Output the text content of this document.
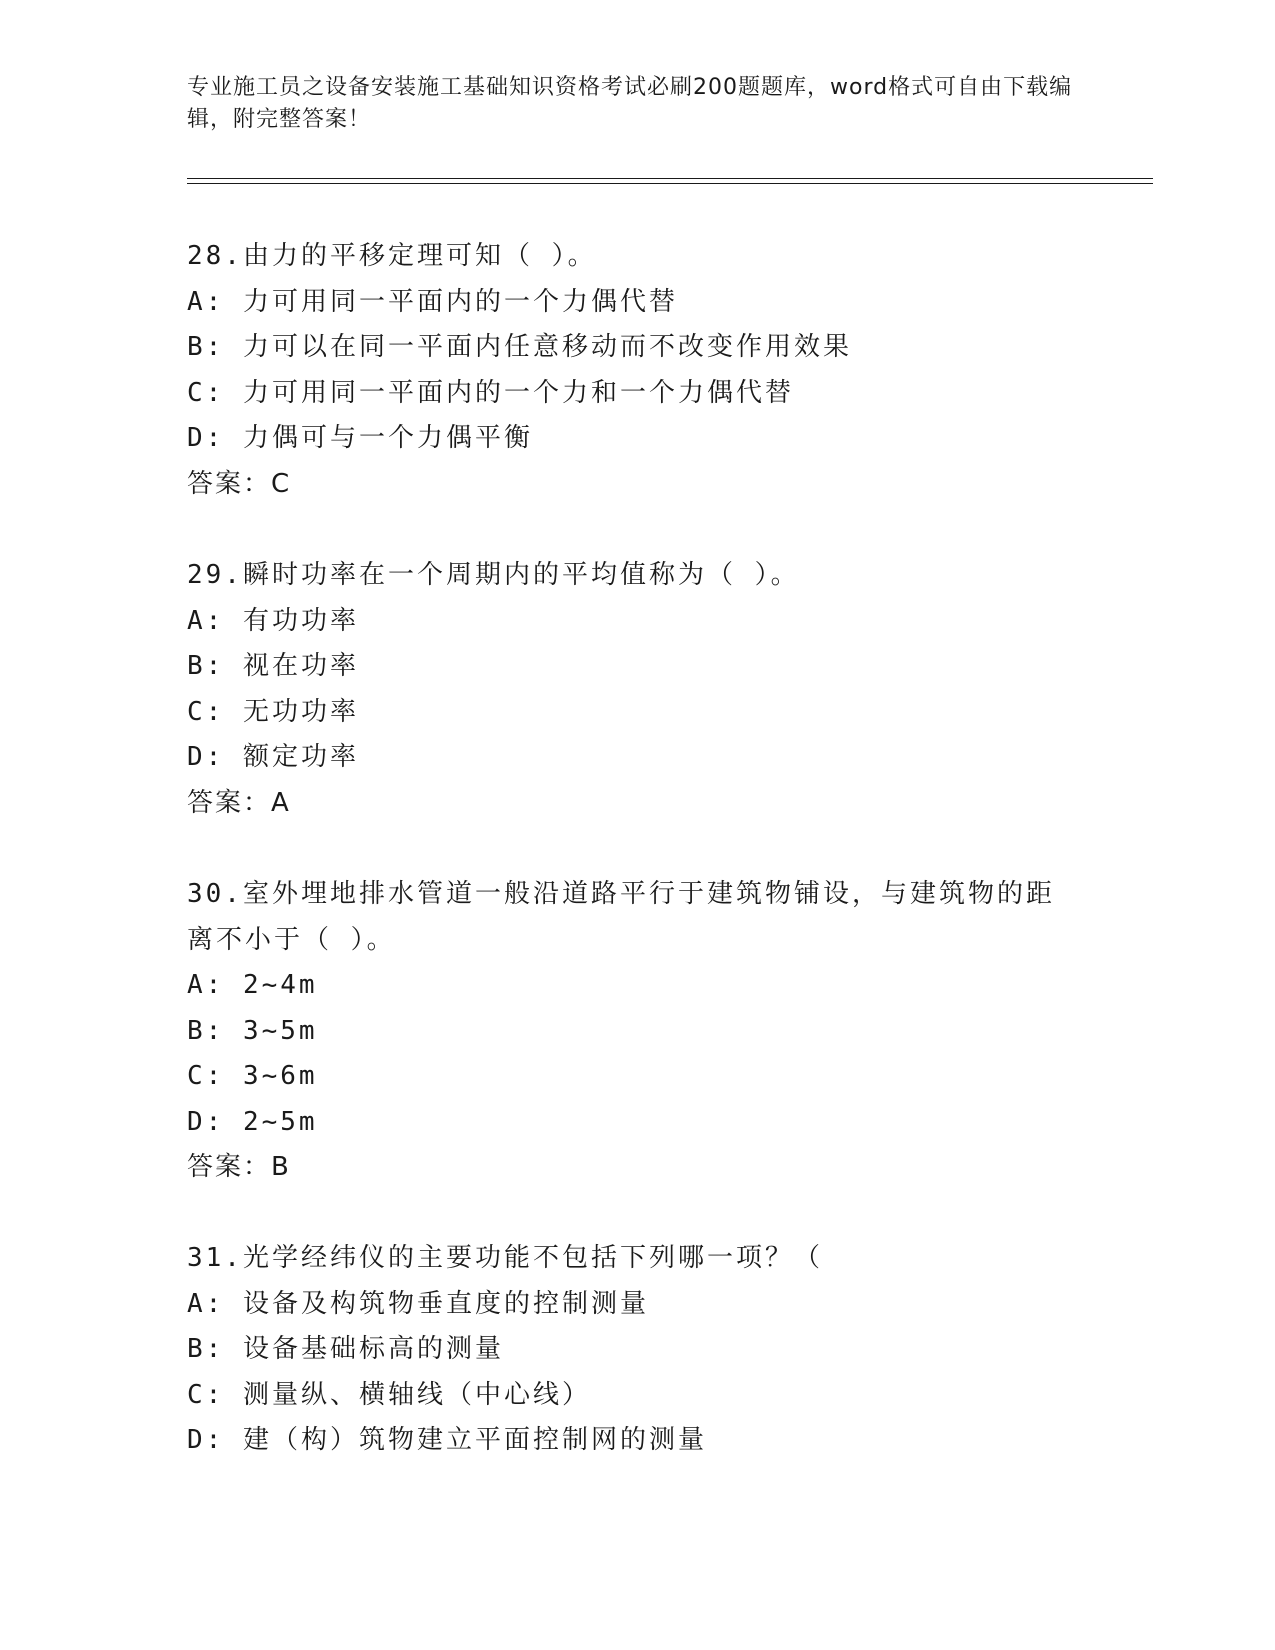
专业施工员之设备安装施工基础知识资格考试必刷200题题库，word格式可自由下载编辑，附完整答案！
28.由力的平移定理可知（ ）。
A: 力可用同一平面内的一个力偶代替
B: 力可以在同一平面内任意移动而不改变作用效果
C: 力可用同一平面内的一个力和一个力偶代替
D: 力偶可与一个力偶平衡
答案：C
29.瞬时功率在一个周期内的平均值称为（ ）。
A: 有功功率
B: 视在功率
C: 无功功率
D: 额定功率
答案：A
30.室外埋地排水管道一般沿道路平行于建筑物铺设，与建筑物的距离不小于（ ）。
A: 2~4m
B: 3~5m
C: 3~6m
D: 2~5m
答案：B
31.光学经纬仪的主要功能不包括下列哪一项？（
A: 设备及构筑物垂直度的控制测量
B: 设备基础标高的测量
C: 测量纵、横轴线（中心线）
D: 建（构）筑物建立平面控制网的测量
